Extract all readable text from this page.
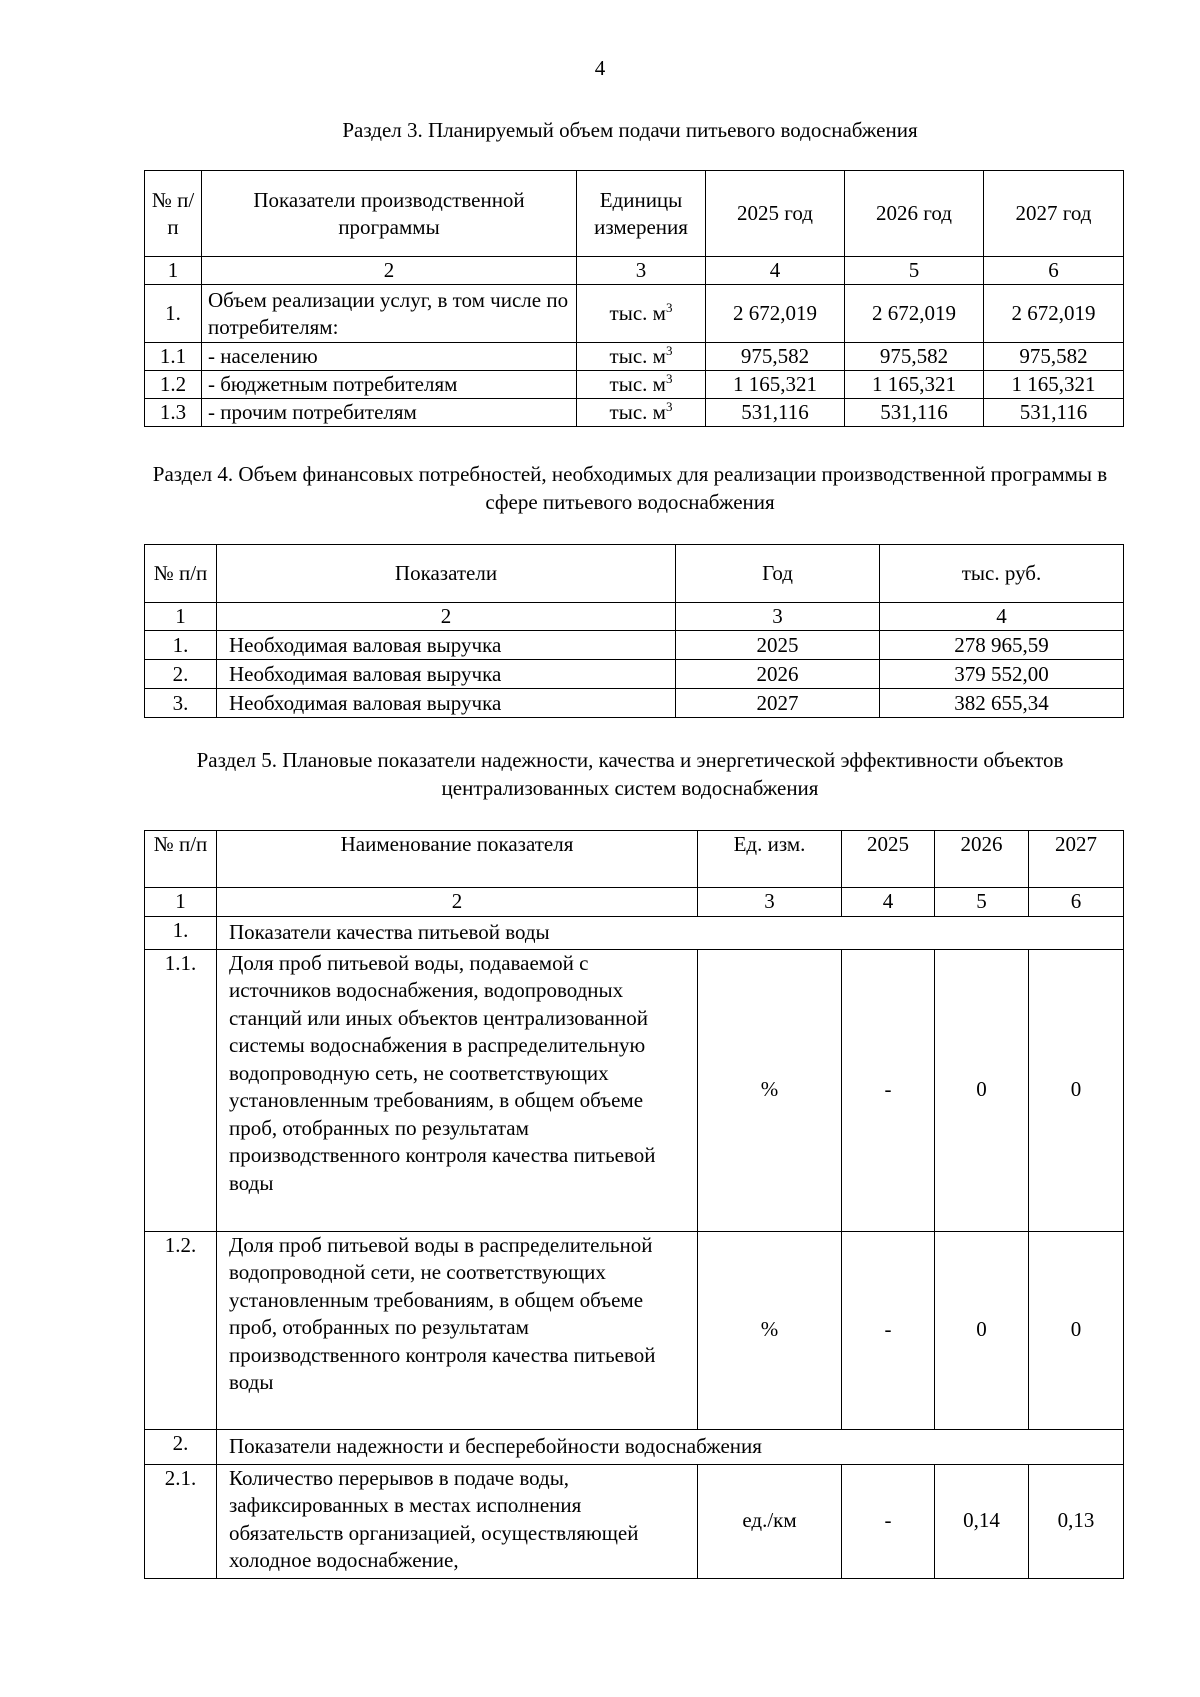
4
Раздел 3. Планируемый объем подачи питьевого водоснабжения
№ п/п	Показатели производственной программы	Единицы измерения	2025 год	2026 год	2027 год
1	2	3	4	5	6
1.	Объем реализации услуг, в том числе по потребителям:	тыс. $м^3$	2 672,019	2 672,019	2 672,019
1.1	- населению	тыс. $м^3$	975,582	975,582	975,582
1.2	- бюджетным потребителям	тыс. $м^3$	1 165,321	1 165,321	1 165,321
1.3	- прочим потребителям	тыс. $м^3$	531,116	531,116	531,116
Раздел 4. Объем финансовых потребностей, необходимых для реализации производственной программы в сфере питьевого водоснабжения
№ п/п	Показатели	Год	тыс. руб.
1	2	3	4
1.	Необходимая валовая выручка	2025	278 965,59
2.	Необходимая валовая выручка	2026	379 552,00
3.	Необходимая валовая выручка	2027	382 655,34
Раздел 5. Плановые показатели надежности, качества и энергетической эффективности объектов централизованных систем водоснабжения
№ п/п	Наименование показателя	Ед. изм.	2025	2026	2027
1	2	3	4	5	6
1.	Показатели качества питьевой воды				
1.1.	Доля проб питьевой воды, подаваемой с источников водоснабжения, водопроводных станций или иных объектов централизованной системы водоснабжения в распределительную водопроводную сеть, не соответствующих установленным требованиям, в общем объеме проб, отобранных по результатам производственного контроля качества питьевой воды	%	-	0	0
1.2.	Доля проб питьевой воды в распределительной водопроводной сети, не соответствующих установленным требованиям, в общем объеме проб, отобранных по результатам производственного контроля качества питьевой воды	%	-	0	0
2.	Показатели надежности и бесперебойности водоснабжения				
2.1.	Количество перерывов в подаче воды, зафиксированных в местах исполнения обязательств организацией, осуществляющей холодное водоснабжение,	ед./км	-	0,14	0,13
